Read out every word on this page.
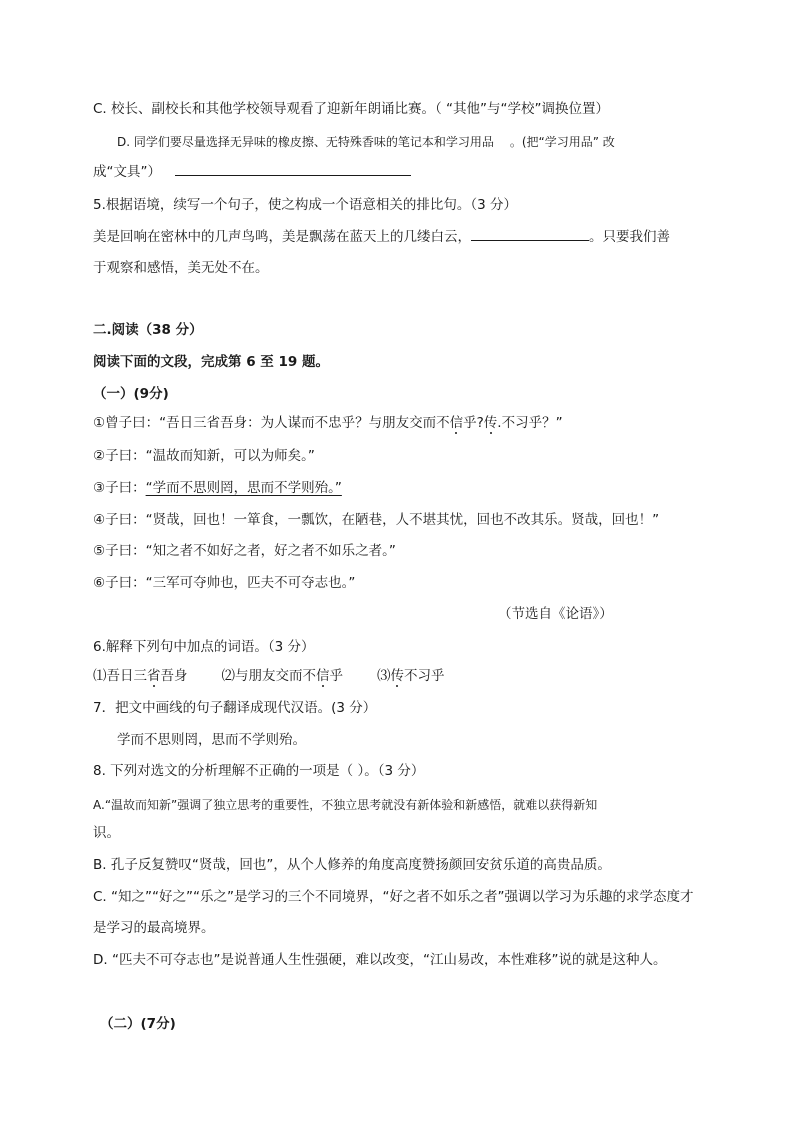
C. 校长、副校长和其他学校领导观看了迎新年朗诵比赛。（ “其他”与“学校”调换位置）
D. 同学们要尽量选择无异味的橡皮擦、无特殊香味的笔记本和学习用品 。(把“学习用品” 改
成“文具”）
5.根据语境，续写一个句子，使之构成一个语意相关的排比句。（3 分）
美是回响在密林中的几声鸟鸣，美是飘荡在蓝天上的几缕白云，	。只要我们善
于观察和感悟，美无处不在。
二.阅读（38 分）
阅读下面的文段，完成第 6 至 19 题。
（一）(9分)
①曾子曰：“吾日三省吾身：为人谋而不忠乎？与朋友交而不信乎?传.不习乎？”
②子曰：“温故而知新，可以为师矣。”
③子曰：“学而不思则罔，思而不学则殆。”
④子曰：“贤哉，回也！一箪食，一瓢饮，在陋巷，人不堪其忧，回也不改其乐。贤哉，回也！”
⑤子曰：“知之者不如好之者，好之者不如乐之者。”
⑥子曰：“三军可夺帅也，匹夫不可夺志也。”
（节选自《论语》）
6.解释下列句中加点的词语。（3 分）
⑴吾日三省吾身	⑵与朋友交而不信乎	⑶传不习乎
7．把文中画线的句子翻译成现代汉语。(3 分）
学而不思则罔，思而不学则殆。
8. 下列对选文的分析理解不正确的一项是（ ）。（3 分）
A.“温故而知新”强调了独立思考的重要性，不独立思考就没有新体验和新感悟，就难以获得新知
识。
B. 孔子反复赞叹“贤哉，回也”，从个人修养的角度高度赞扬颜回安贫乐道的高贵品质。
C. “知之”“好之”“乐之”是学习的三个不同境界，“好之者不如乐之者”强调以学习为乐趣的求学态度才
是学习的最高境界。
D. “匹夫不可夺志也”是说普通人生性强硬，难以改变，“江山易改，本性难移”说的就是这种人。
（二）(7分)
